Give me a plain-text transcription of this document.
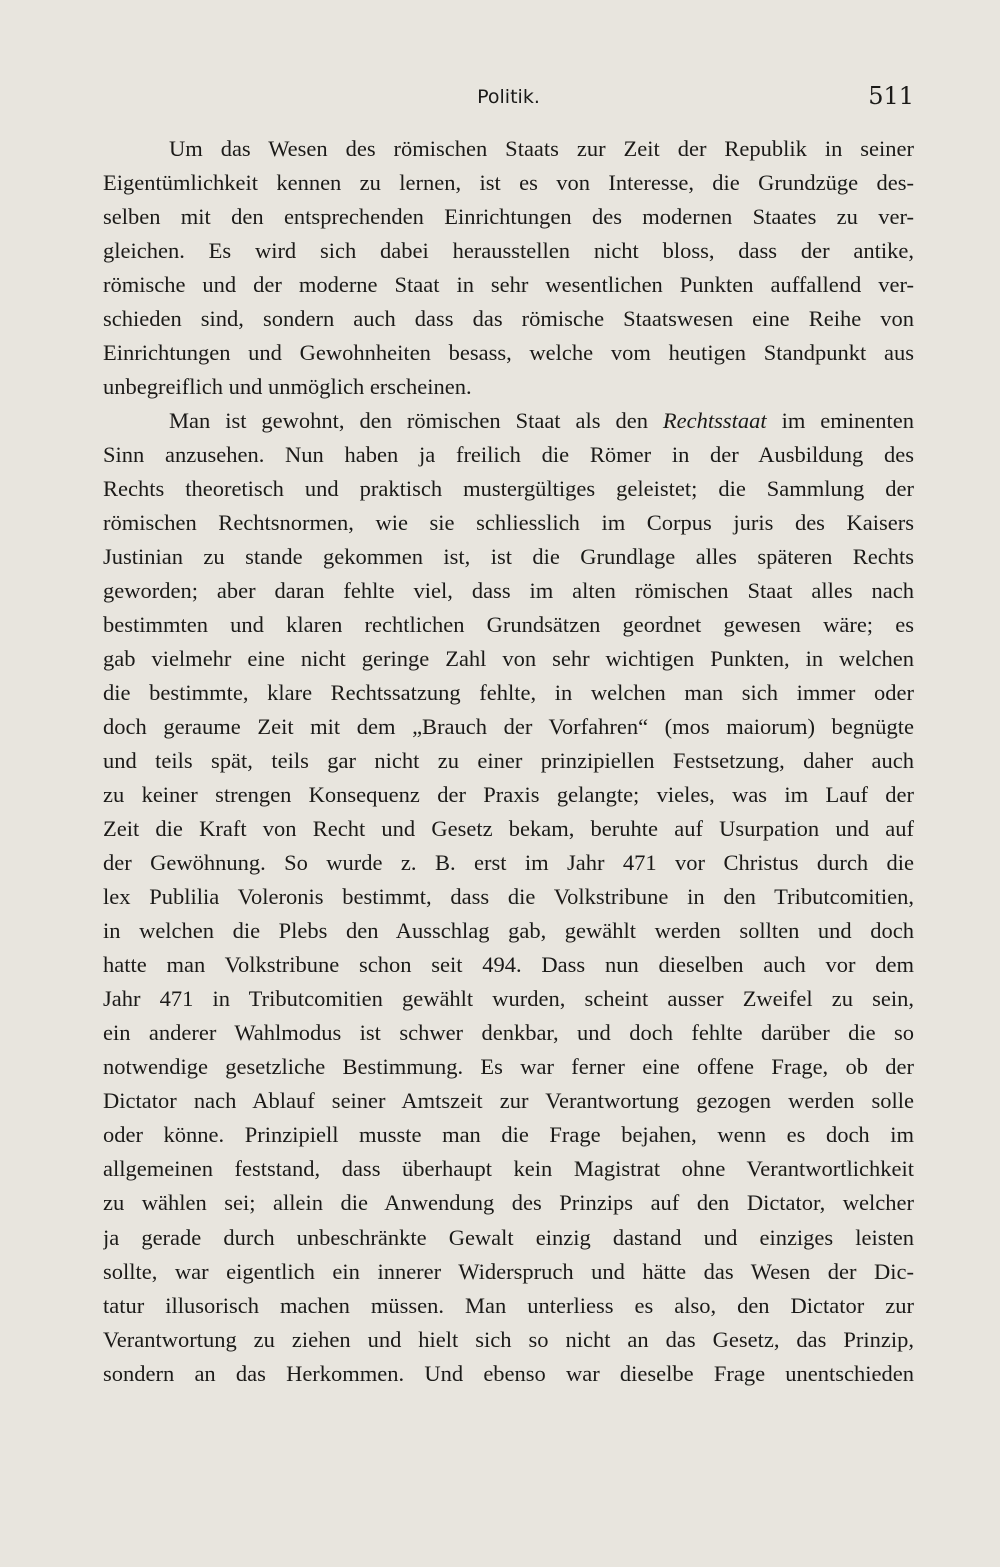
Politik.	511
Um das Wesen des römischen Staats zur Zeit der Republik in seiner
Eigentümlichkeit kennen zu lernen, ist es von Interesse, die Grundzüge des-
selben mit den entsprechenden Einrichtungen des modernen Staates zu ver-
gleichen. Es wird sich dabei herausstellen nicht bloss, dass der antike,
römische und der moderne Staat in sehr wesentlichen Punkten auffallend ver-
schieden sind, sondern auch dass das römische Staatswesen eine Reihe von
Einrichtungen und Gewohnheiten besass, welche vom heutigen Standpunkt aus
unbegreiflich und unmöglich erscheinen.
Man ist gewohnt, den römischen Staat als den Rechtsstaat im eminenten
Sinn anzusehen. Nun haben ja freilich die Römer in der Ausbildung des
Rechts theoretisch und praktisch mustergültiges geleistet; die Sammlung der
römischen Rechtsnormen, wie sie schliesslich im Corpus juris des Kaisers
Justinian zu stande gekommen ist, ist die Grundlage alles späteren Rechts
geworden; aber daran fehlte viel, dass im alten römischen Staat alles nach
bestimmten und klaren rechtlichen Grundsätzen geordnet gewesen wäre; es
gab vielmehr eine nicht geringe Zahl von sehr wichtigen Punkten, in welchen
die bestimmte, klare Rechtssatzung fehlte, in welchen man sich immer oder
doch geraume Zeit mit dem „Brauch der Vorfahren“ (mos maiorum) begnügte
und teils spät, teils gar nicht zu einer prinzipiellen Festsetzung, daher auch
zu keiner strengen Konsequenz der Praxis gelangte; vieles, was im Lauf der
Zeit die Kraft von Recht und Gesetz bekam, beruhte auf Usurpation und auf
der Gewöhnung. So wurde z. B. erst im Jahr 471 vor Christus durch die
lex Publilia Voleronis bestimmt, dass die Volkstribune in den Tributcomitien,
in welchen die Plebs den Ausschlag gab, gewählt werden sollten und doch
hatte man Volkstribune schon seit 494. Dass nun dieselben auch vor dem
Jahr 471 in Tributcomitien gewählt wurden, scheint ausser Zweifel zu sein,
ein anderer Wahlmodus ist schwer denkbar, und doch fehlte darüber die so
notwendige gesetzliche Bestimmung. Es war ferner eine offene Frage, ob der
Dictator nach Ablauf seiner Amtszeit zur Verantwortung gezogen werden solle
oder könne. Prinzipiell musste man die Frage bejahen, wenn es doch im
allgemeinen feststand, dass überhaupt kein Magistrat ohne Verantwortlichkeit
zu wählen sei; allein die Anwendung des Prinzips auf den Dictator, welcher
ja gerade durch unbeschränkte Gewalt einzig dastand und einziges leisten
sollte, war eigentlich ein innerer Widerspruch und hätte das Wesen der Dic-
tatur illusorisch machen müssen. Man unterliess es also, den Dictator zur
Verantwortung zu ziehen und hielt sich so nicht an das Gesetz, das Prinzip,
sondern an das Herkommen. Und ebenso war dieselbe Frage unentschieden
